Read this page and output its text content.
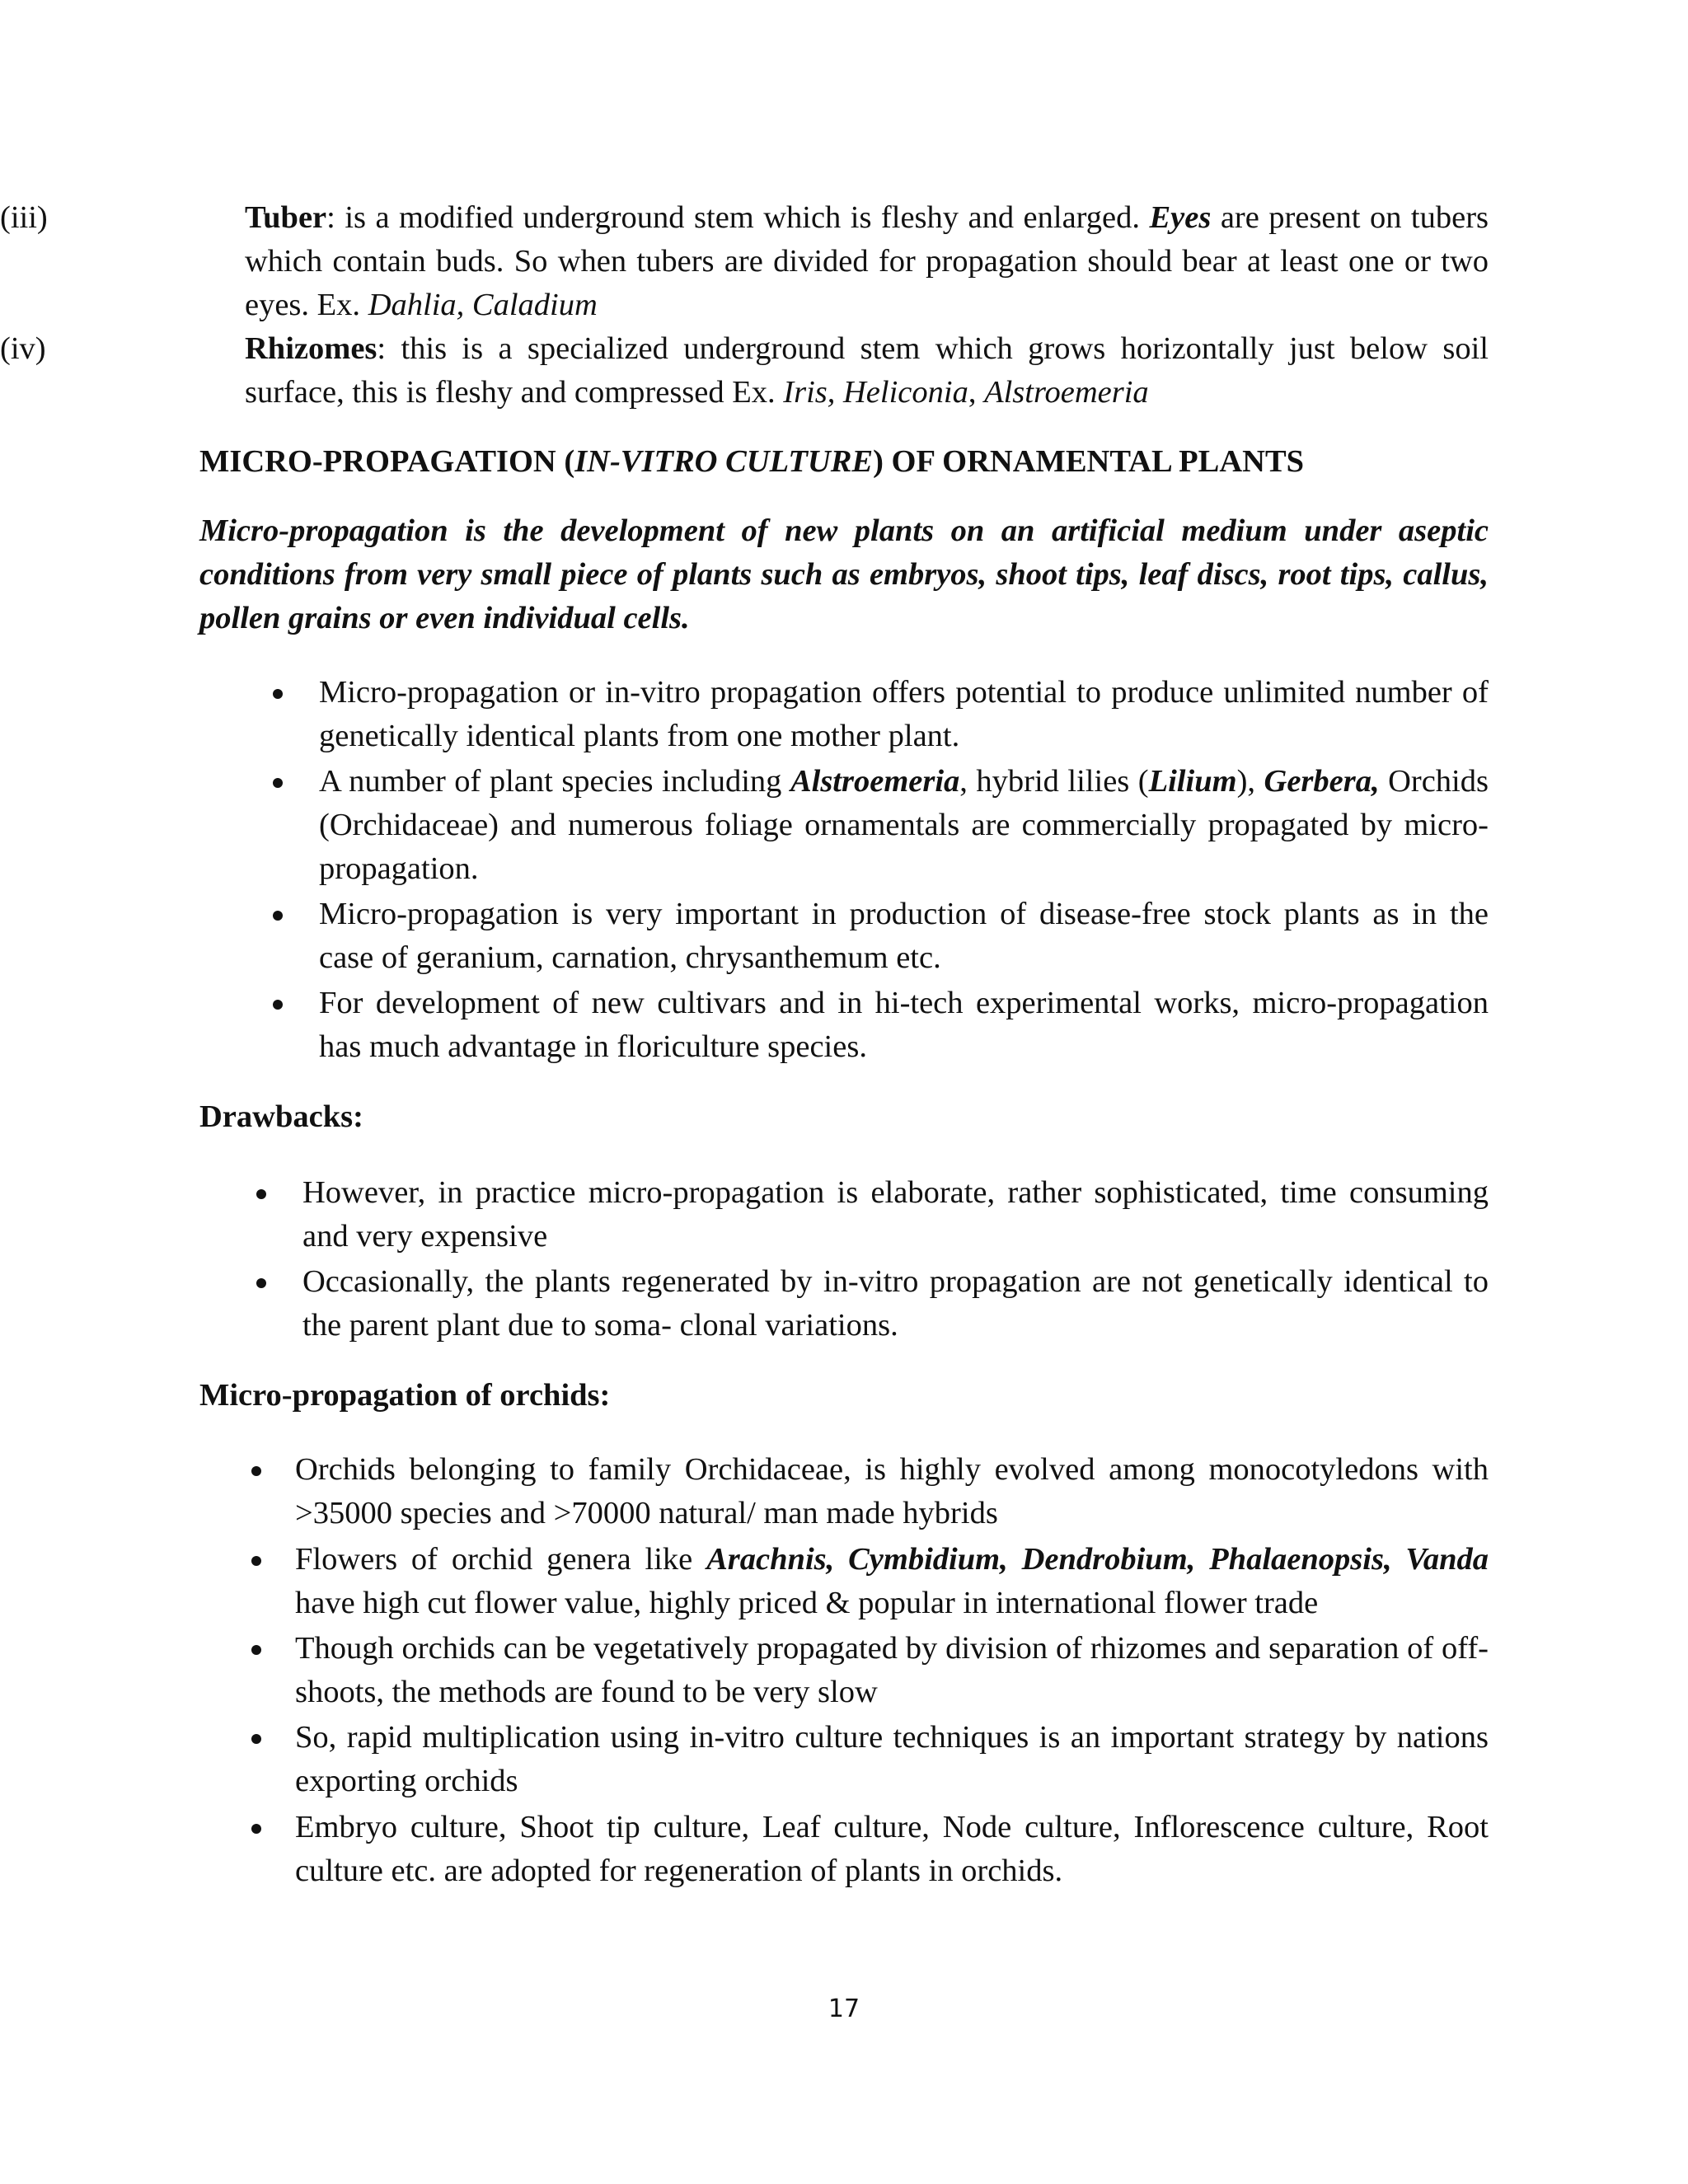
(iii)	Tuber: is a modified underground stem which is fleshy and enlarged. Eyes are present on tubers which contain buds. So when tubers are divided for propagation should bear at least one or two eyes. Ex. Dahlia, Caladium
(iv)	Rhizomes: this is a specialized underground stem which grows horizontally just below soil surface, this is fleshy and compressed Ex. Iris, Heliconia, Alstroemeria
MICRO-PROPAGATION (IN-VITRO CULTURE) OF ORNAMENTAL PLANTS
Micro-propagation is the development of new plants on an artificial medium under aseptic conditions from very small piece of plants such as embryos, shoot tips, leaf discs, root tips, callus, pollen grains or even individual cells.
Micro-propagation or in-vitro propagation offers potential to produce unlimited number of genetically identical plants from one mother plant.
A number of plant species including Alstroemeria, hybrid lilies (Lilium), Gerbera, Orchids (Orchidaceae) and numerous foliage ornamentals are commercially propagated by micro-propagation.
Micro-propagation is very important in production of disease-free stock plants as in the case of geranium, carnation, chrysanthemum etc.
For development of new cultivars and in hi-tech experimental works, micro-propagation has much advantage in floriculture species.
Drawbacks:
However, in practice micro-propagation is elaborate, rather sophisticated, time consuming and very expensive
Occasionally, the plants regenerated by in-vitro propagation are not genetically identical to the parent plant due to soma- clonal variations.
Micro-propagation of orchids:
Orchids belonging to family Orchidaceae, is highly evolved among monocotyledons with >35000 species and >70000 natural/ man made hybrids
Flowers of orchid genera like Arachnis, Cymbidium, Dendrobium, Phalaenopsis, Vanda have high cut flower value, highly priced & popular in international flower trade
Though orchids can be vegetatively propagated by division of rhizomes and separation of off-shoots, the methods are found to be very slow
So, rapid multiplication using in-vitro culture techniques is an important strategy by nations exporting orchids
Embryo culture, Shoot tip culture, Leaf culture, Node culture, Inflorescence culture, Root culture etc. are adopted for regeneration of plants in orchids.
17
